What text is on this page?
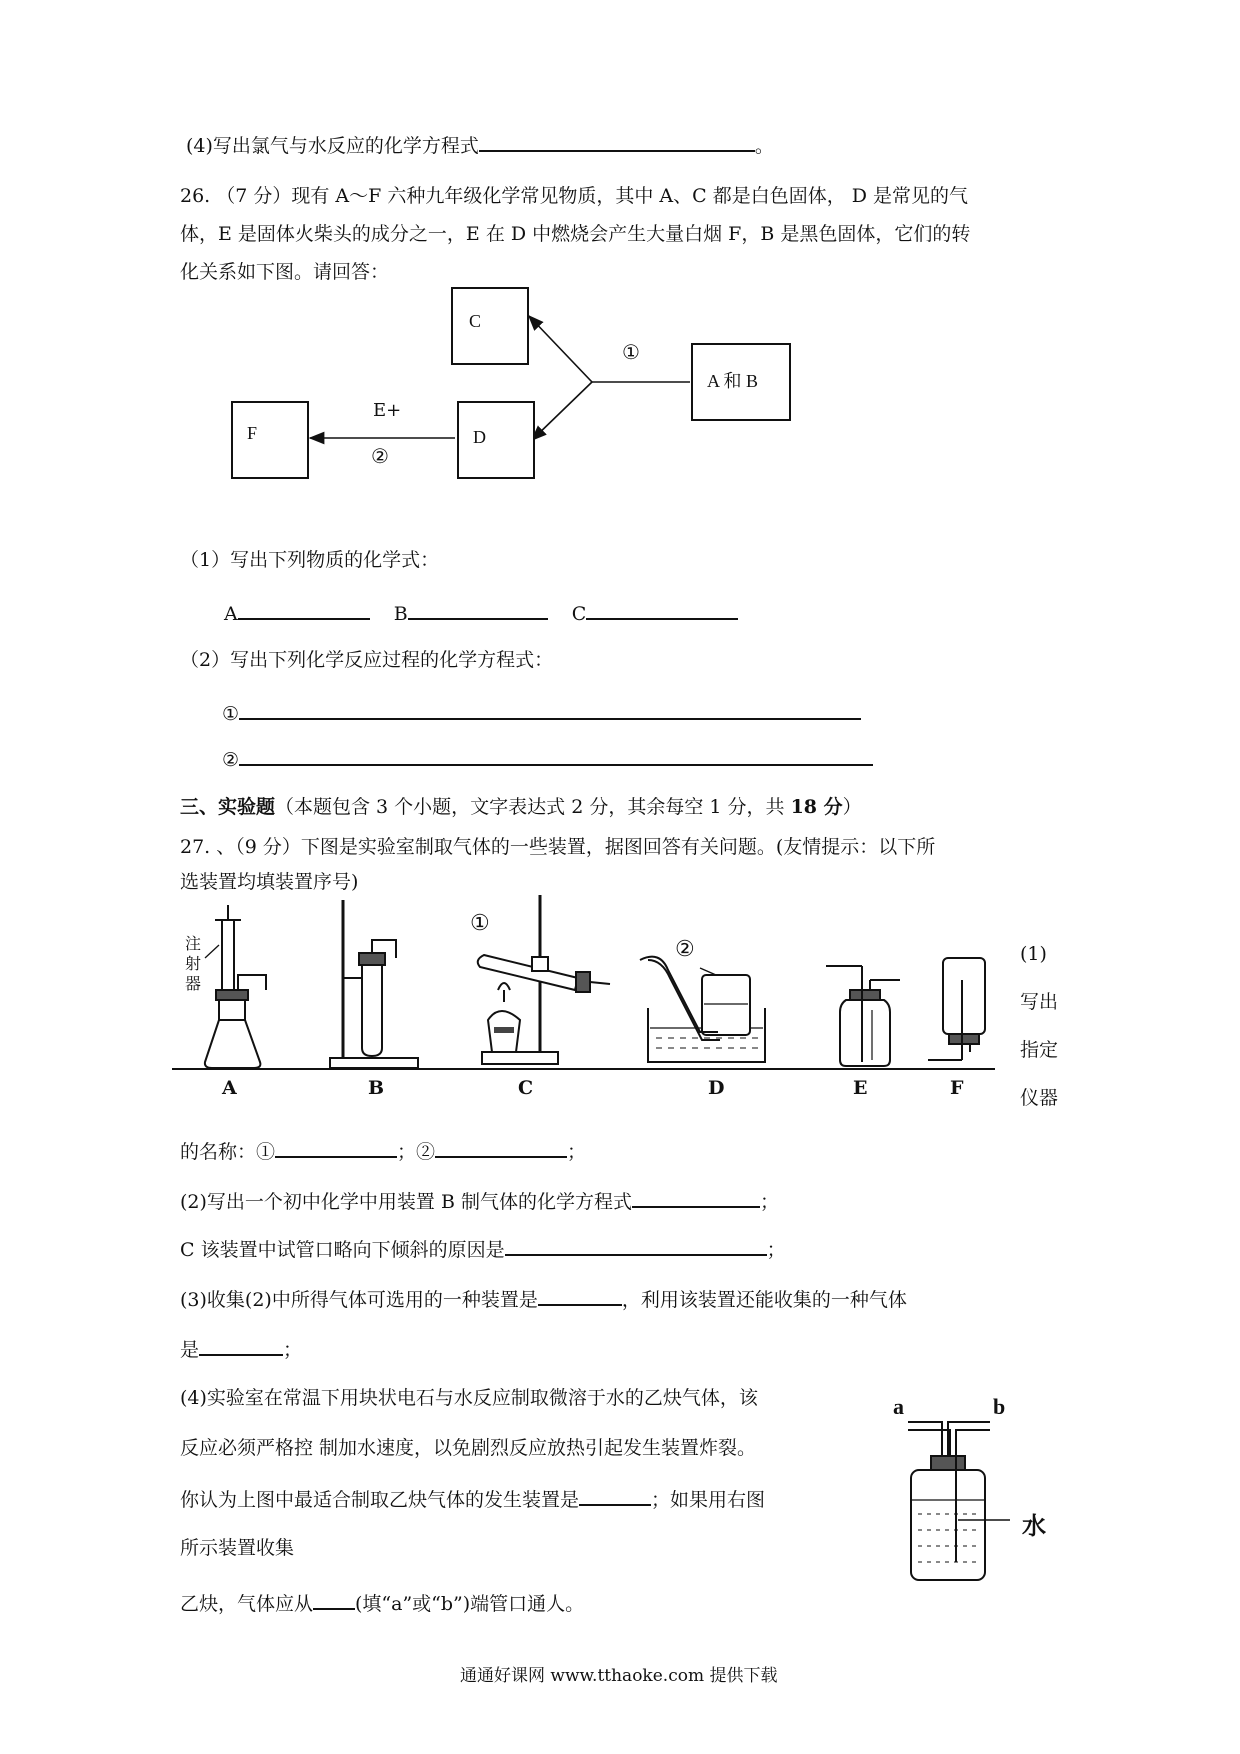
(4)写出氯气与水反应的化学方程式	。
26. （7 分）现有 A～F 六种九年级化学常见物质，其中 A、C 都是白色固体， D 是常见的气
体，E 是固体火柴头的成分之一，E 在 D 中燃烧会产生大量白烟 F，B 是黑色固体，它们的转
化关系如下图。请回答：
C
A 和 B
D
F
①
E+
②
（1）写出下列物质的化学式：
A	B	C
（2）写出下列化学反应过程的化学方程式：
①
②
三、实验题（本题包含 3 个小题，文字表达式 2 分，其余每空 1 分，共 18 分）
27. 、（9 分）下图是实验室制取气体的一些装置，据图回答有关问题。(友情提示：以下所
选装置均填装置序号)
a	b
注射器
①
②
A	B	C	D	E	F
(1)
写出
指定
仪器
的名称：①	；②	；
(2)写出一个初中化学中用装置 B 制气体的化学方程式	；
C 该装置中试管口略向下倾斜的原因是	；
(3)收集(2)中所得气体可选用的一种装置是	，利用该装置还能收集的一种气体
是	；
(4)实验室在常温下用块状电石与水反应制取微溶于水的乙炔气体，该
反应必须严格控 制加水速度，以免剧烈反应放热引起发生装置炸裂。
你认为上图中最适合制取乙炔气体的发生装置是	；如果用右图
所示装置收集
乙炔，气体应从 (填“a”或“b”)端管口通人。
水
通通好课网 www.tthaoke.com 提供下载
